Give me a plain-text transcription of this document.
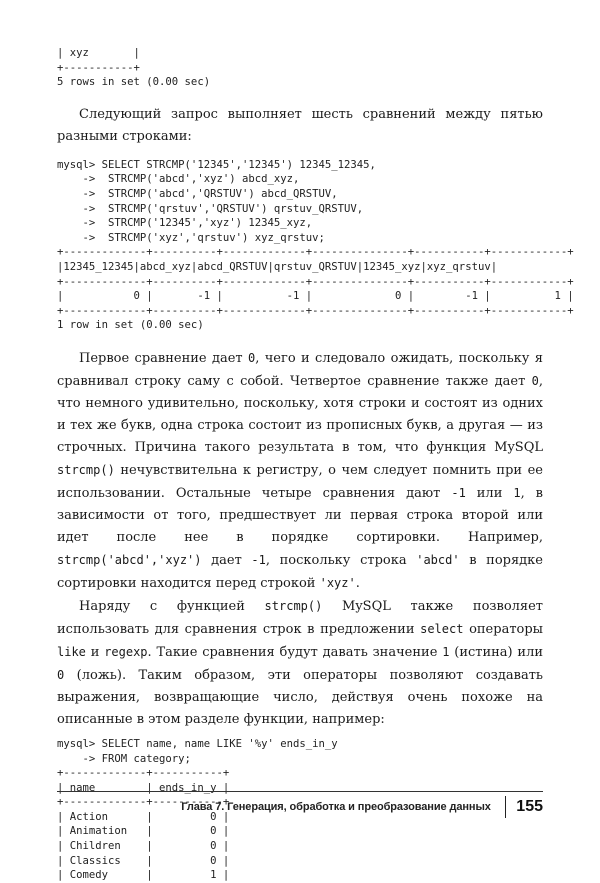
| xyz       |
+-----------+
5 rows in set (0.00 sec)

Следующий запрос выполняет шесть сравнений между пятью разными строками:

mysql> SELECT STRCMP('12345','12345') 12345_12345,
->  STRCMP('abcd','xyz') abcd_xyz,
->  STRCMP('abcd','QRSTUV') abcd_QRSTUV,
->  STRCMP('qrstuv','QRSTUV') qrstuv_QRSTUV,
->  STRCMP('12345','xyz') 12345_xyz,
->  STRCMP('xyz','qrstuv') xyz_qrstuv;
+-------------+----------+-------------+---------------+-----------+------------+
|12345_12345|abcd_xyz|abcd_QRSTUV|qrstuv_QRSTUV|12345_xyz|xyz_qrstuv|
+-------------+----------+-------------+---------------+-----------+------------+
|           0 |       -1 |          -1 |             0 |        -1 |          1 |
+-------------+----------+-------------+---------------+-----------+------------+
1 row in set (0.00 sec)

Первое сравнение дает 0, чего и следовало ожидать, поскольку я сравнивал строку саму с собой. Четвертое сравнение также дает 0, что немного удивительно, поскольку, хотя строки и состоят из одних и тех же букв, одна строка состоит из прописных букв, а другая — из строчных. Причина такого результата в том, что функция MySQL strcmp() нечувствительна к регистру, о чем следует помнить при ее использовании. Остальные четыре сравнения дают -1 или 1, в зависимости от того, предшествует ли первая строка второй или идет после нее в порядке сортировки. Например, strcmp('abcd','xyz') дает -1, поскольку строка 'abcd' в порядке сортировки находится перед строкой 'xyz'.

Наряду с функцией strcmp() MySQL также позволяет использовать для сравнения строк в предложении select операторы like и regexp. Такие сравнения будут давать значение 1 (истина) или 0 (ложь). Таким образом, эти операторы позволяют создавать выражения, возвращающие число, действуя очень похоже на описанные в этом разделе функции, например:

mysql> SELECT name, name LIKE '%y' ends_in_y
-> FROM category;
+-------------+-----------+
| name        | ends_in_y |
+-------------+-----------+
| Action      |         0 |
| Animation   |         0 |
| Children    |         0 |
| Classics    |         0 |
| Comedy      |         1 |
Глава 7. Генерация, обработка и преобразование данных 155
